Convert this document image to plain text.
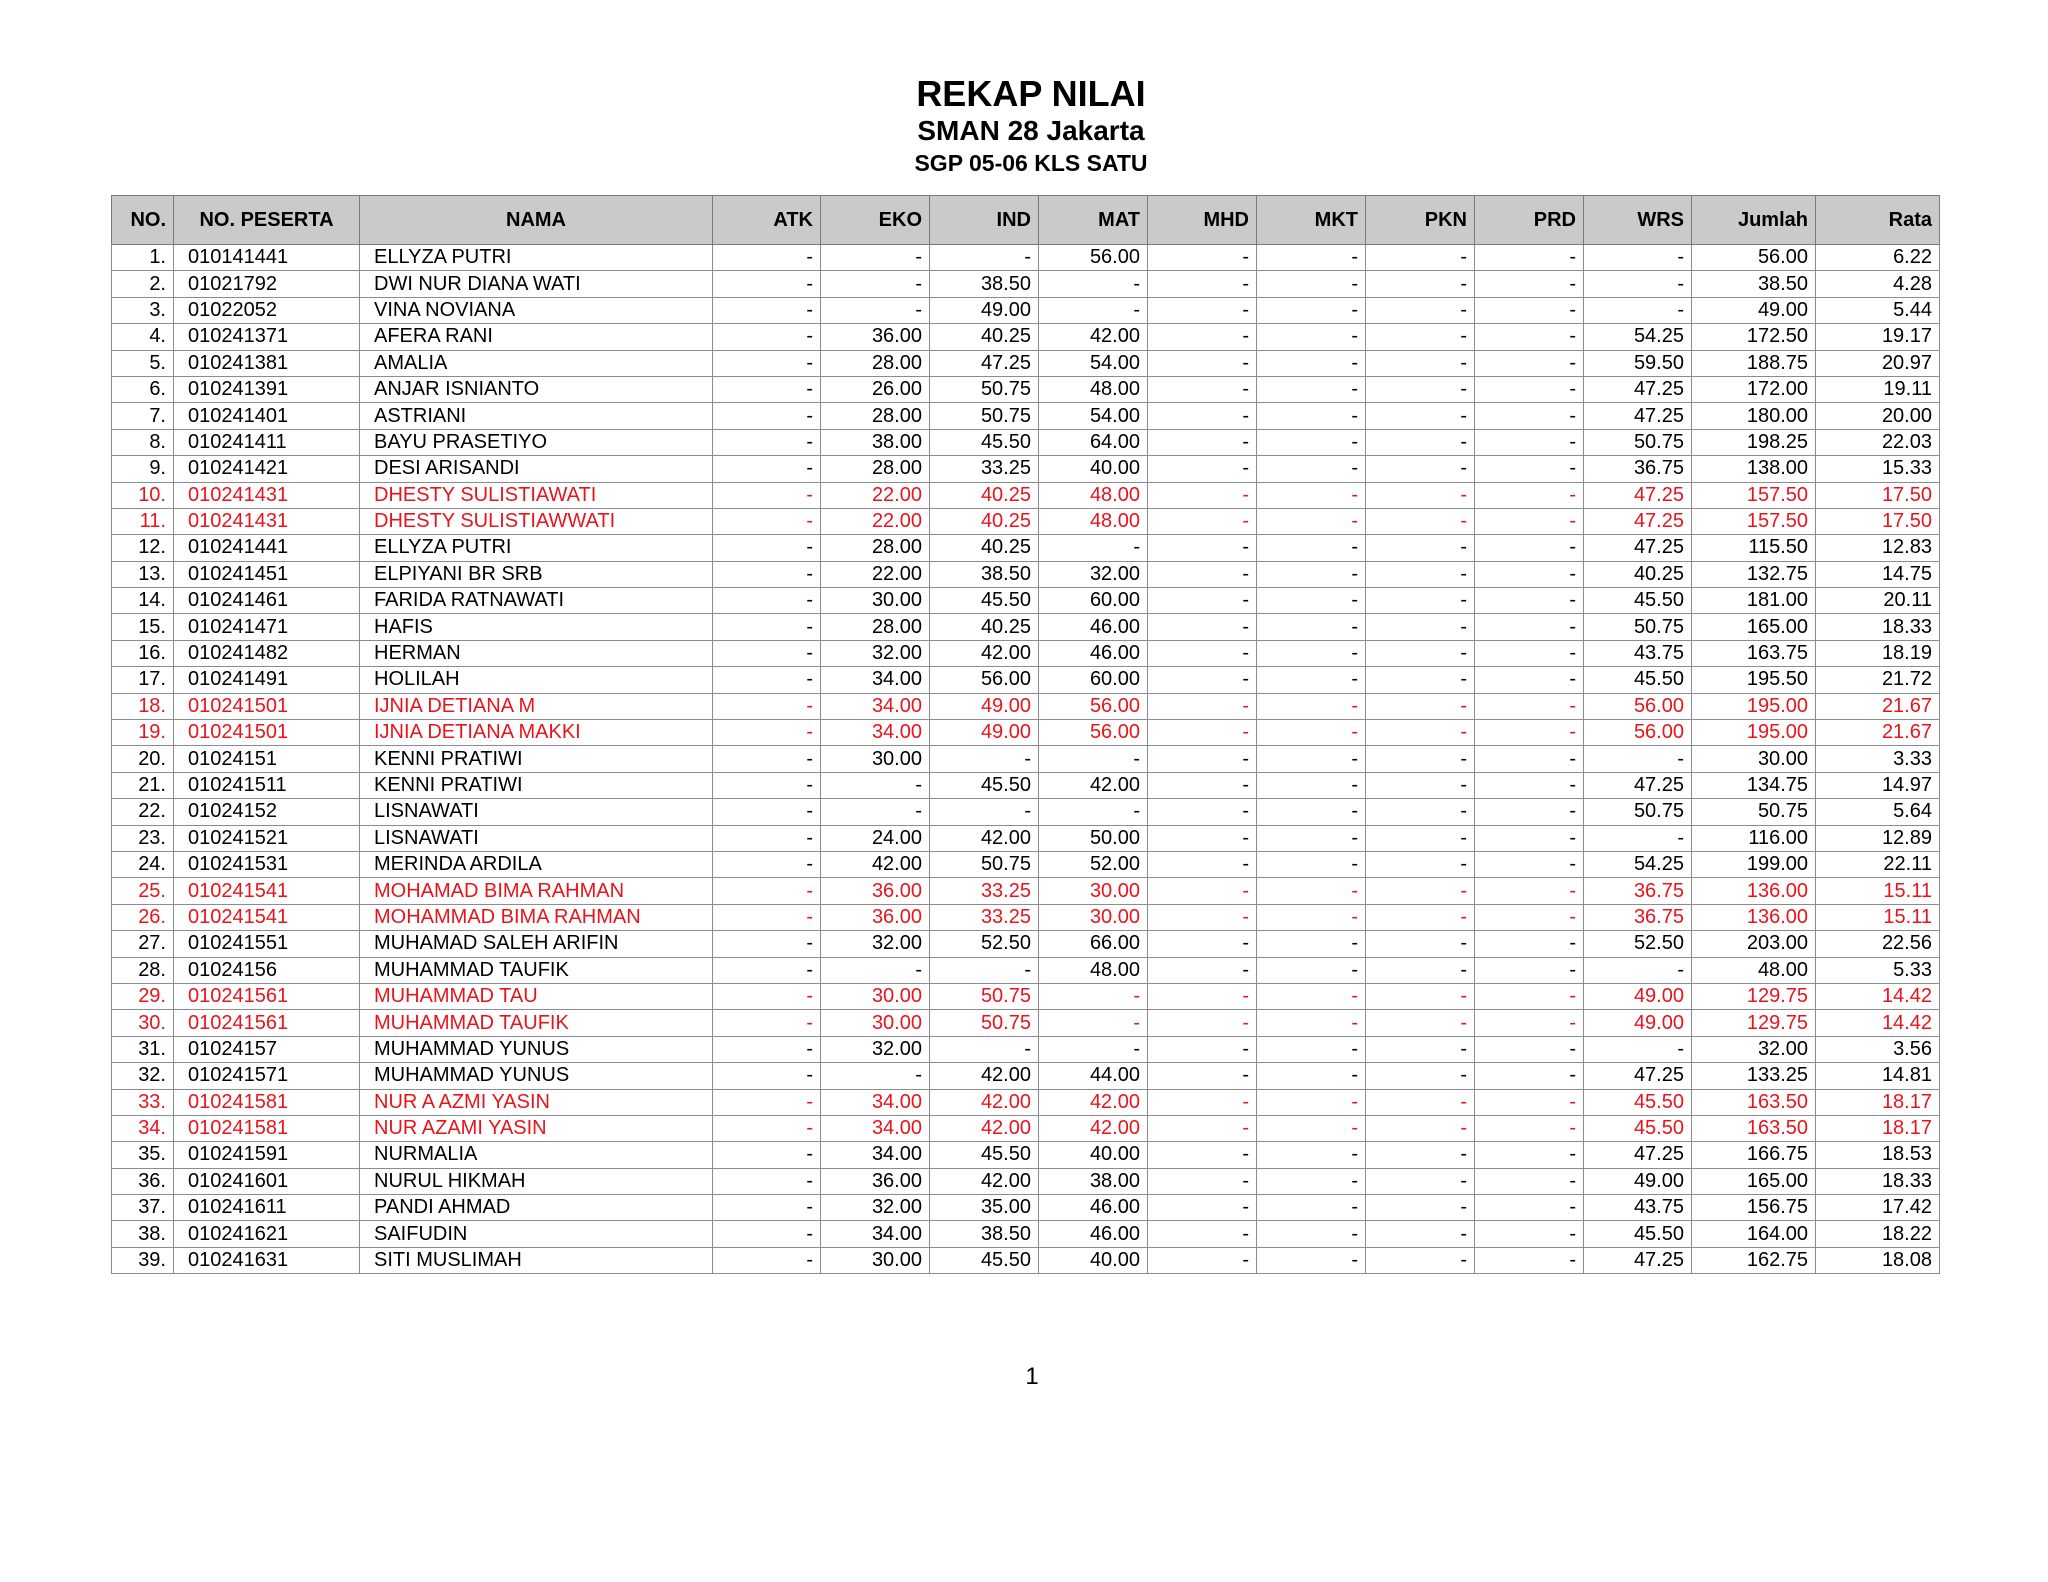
REKAP NILAI
SMAN 28 Jakarta
SGP 05-06 KLS SATU
NO.	NO. PESERTA	NAMA	ATK	EKO	IND	MAT	MHD	MKT	PKN	PRD	WRS	Jumlah	Rata
1.	010141441	ELLYZA PUTRI	-	-	-	56.00	-	-	-	-	-	56.00	6.22
2.	01021792	DWI NUR DIANA WATI	-	-	38.50	-	-	-	-	-	-	38.50	4.28
3.	01022052	VINA NOVIANA	-	-	49.00	-	-	-	-	-	-	49.00	5.44
4.	010241371	AFERA RANI	-	36.00	40.25	42.00	-	-	-	-	54.25	172.50	19.17
5.	010241381	AMALIA	-	28.00	47.25	54.00	-	-	-	-	59.50	188.75	20.97
6.	010241391	ANJAR ISNIANTO	-	26.00	50.75	48.00	-	-	-	-	47.25	172.00	19.11
7.	010241401	ASTRIANI	-	28.00	50.75	54.00	-	-	-	-	47.25	180.00	20.00
8.	010241411	BAYU PRASETIYO	-	38.00	45.50	64.00	-	-	-	-	50.75	198.25	22.03
9.	010241421	DESI ARISANDI	-	28.00	33.25	40.00	-	-	-	-	36.75	138.00	15.33
10.	010241431	DHESTY SULISTIAWATI	-	22.00	40.25	48.00	-	-	-	-	47.25	157.50	17.50
11.	010241431	DHESTY SULISTIAWWATI	-	22.00	40.25	48.00	-	-	-	-	47.25	157.50	17.50
12.	010241441	ELLYZA PUTRI	-	28.00	40.25	-	-	-	-	-	47.25	115.50	12.83
13.	010241451	ELPIYANI BR SRB	-	22.00	38.50	32.00	-	-	-	-	40.25	132.75	14.75
14.	010241461	FARIDA RATNAWATI	-	30.00	45.50	60.00	-	-	-	-	45.50	181.00	20.11
15.	010241471	HAFIS	-	28.00	40.25	46.00	-	-	-	-	50.75	165.00	18.33
16.	010241482	HERMAN	-	32.00	42.00	46.00	-	-	-	-	43.75	163.75	18.19
17.	010241491	HOLILAH	-	34.00	56.00	60.00	-	-	-	-	45.50	195.50	21.72
18.	010241501	IJNIA DETIANA M	-	34.00	49.00	56.00	-	-	-	-	56.00	195.00	21.67
19.	010241501	IJNIA DETIANA MAKKI	-	34.00	49.00	56.00	-	-	-	-	56.00	195.00	21.67
20.	01024151	KENNI PRATIWI	-	30.00	-	-	-	-	-	-	-	30.00	3.33
21.	010241511	KENNI PRATIWI	-	-	45.50	42.00	-	-	-	-	47.25	134.75	14.97
22.	01024152	LISNAWATI	-	-	-	-	-	-	-	-	50.75	50.75	5.64
23.	010241521	LISNAWATI	-	24.00	42.00	50.00	-	-	-	-	-	116.00	12.89
24.	010241531	MERINDA ARDILA	-	42.00	50.75	52.00	-	-	-	-	54.25	199.00	22.11
25.	010241541	MOHAMAD BIMA RAHMAN	-	36.00	33.25	30.00	-	-	-	-	36.75	136.00	15.11
26.	010241541	MOHAMMAD BIMA RAHMAN	-	36.00	33.25	30.00	-	-	-	-	36.75	136.00	15.11
27.	010241551	MUHAMAD SALEH ARIFIN	-	32.00	52.50	66.00	-	-	-	-	52.50	203.00	22.56
28.	01024156	MUHAMMAD TAUFIK	-	-	-	48.00	-	-	-	-	-	48.00	5.33
29.	010241561	MUHAMMAD TAU	-	30.00	50.75	-	-	-	-	-	49.00	129.75	14.42
30.	010241561	MUHAMMAD TAUFIK	-	30.00	50.75	-	-	-	-	-	49.00	129.75	14.42
31.	01024157	MUHAMMAD YUNUS	-	32.00	-	-	-	-	-	-	-	32.00	3.56
32.	010241571	MUHAMMAD YUNUS	-	-	42.00	44.00	-	-	-	-	47.25	133.25	14.81
33.	010241581	NUR A AZMI YASIN	-	34.00	42.00	42.00	-	-	-	-	45.50	163.50	18.17
34.	010241581	NUR AZAMI YASIN	-	34.00	42.00	42.00	-	-	-	-	45.50	163.50	18.17
35.	010241591	NURMALIA	-	34.00	45.50	40.00	-	-	-	-	47.25	166.75	18.53
36.	010241601	NURUL HIKMAH	-	36.00	42.00	38.00	-	-	-	-	49.00	165.00	18.33
37.	010241611	PANDI AHMAD	-	32.00	35.00	46.00	-	-	-	-	43.75	156.75	17.42
38.	010241621	SAIFUDIN	-	34.00	38.50	46.00	-	-	-	-	45.50	164.00	18.22
39.	010241631	SITI MUSLIMAH	-	30.00	45.50	40.00	-	-	-	-	47.25	162.75	18.08
1
